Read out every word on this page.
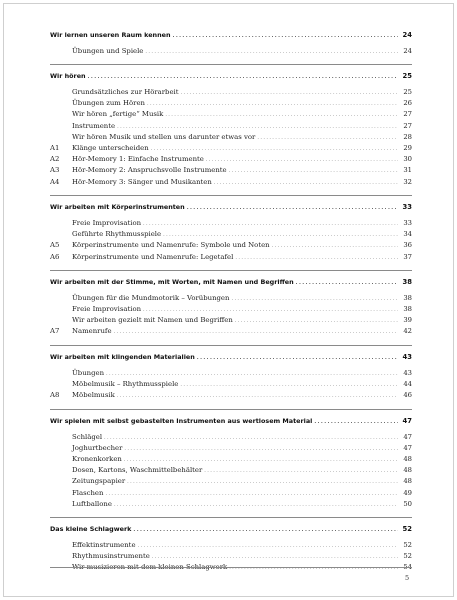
Wir lernen unseren Raum kennen .....	24
Übungen und Spiele .....	24
Wir hören .....	25
Grundsätzliches zur Hörarbeit .....	25
Übungen zum Hören .....	26
Wir hören „fertige“ Musik .....	27
Instrumente .....	27
Wir hören Musik und stellen uns darunter etwas vor .....	28
A1	Klänge unterscheiden .....	29
A2	Hör-Memory 1: Einfache Instrumente .....	30
A3	Hör-Memory 2: Anspruchsvolle Instrumente .....	31
A4	Hör-Memory 3: Sänger und Musikanten .....	32
Wir arbeiten mit Körperinstrumenten .....	33
Freie Improvisation .....	33
Geführte Rhythmusspiele .....	34
A5	Körperinstrumente und Namenrufe: Symbole und Noten .....	36
A6	Körperinstrumente und Namenrufe: Legetafel .....	37
Wir arbeiten mit der Stimme, mit Worten, mit Namen und Begriffen .....	38
Übungen für die Mundmotorik – Vorübungen .....	38
Freie Improvisation .....	38
Wir arbeiten gezielt mit Namen und Begriffen .....	39
A7	Namenrufe .....	42
Wir arbeiten mit klingenden Materialien .....	43
Übungen .....	43
Möbelmusik – Rhythmusspiele .....	44
A8	Möbelmusik .....	46
Wir spielen mit selbst gebastelten Instrumenten aus wertlosem Material .....	47
Schlägel .....	47
Joghurtbecher .....	47
Kronenkorken .....	48
Dosen, Kartons, Waschmittelbehälter .....	48
Zeitungspapier .....	48
Flaschen .....	49
Luftballone .....	50
Das kleine Schlagwerk .....	52
Effektinstrumente .....	52
Rhythmusinstrumente .....	52
Wir musizieren mit dem kleinen Schlagwerk .....	54
5
